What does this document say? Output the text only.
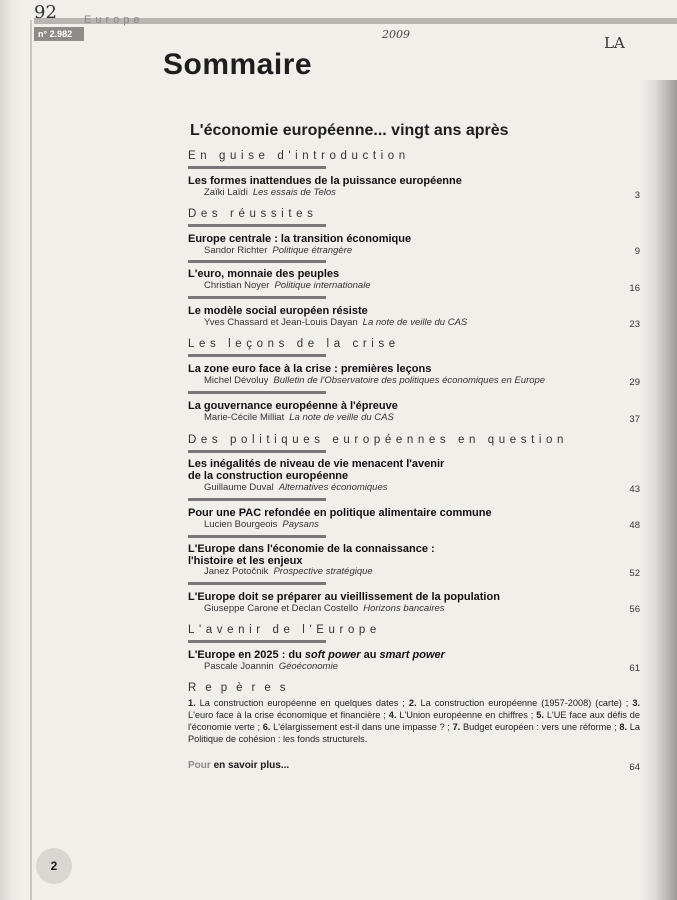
92 Europe
n° 2.982	2009	LA
Sommaire
L'économie européenne... vingt ans après
En guise d'introduction
Les formes inattendues de la puissance européenne
Zaïki Laïdi Les essais de Telos	3
Des réussites
Europe centrale : la transition économique
Sandor Richter Politique étrangère	9
L'euro, monnaie des peuples
Christian Noyer Politique internationale	16
Le modèle social européen résiste
Yves Chassard et Jean-Louis Dayan La note de veille du CAS	23
Les leçons de la crise
La zone euro face à la crise : premières leçons
Michel Dévoluy Bulletin de l'Observatoire des politiques économiques en Europe	29
La gouvernance européenne à l'épreuve
Marie-Cécile Milliat La note de veille du CAS	37
Des politiques européennes en question
Les inégalités de niveau de vie menacent l'avenir
de la construction européenne
Guillaume Duval Alternatives économiques	43
Pour une PAC refondée en politique alimentaire commune
Lucien Bourgeois Paysans	48
L'Europe dans l'économie de la connaissance :
l'histoire et les enjeux
Janez Potočnik Prospective stratégique	52
L'Europe doit se préparer au vieillissement de la population
Giuseppe Carone et Declan Costello Horizons bancaires	56
L'avenir de l'Europe
L'Europe en 2025 : du soft power au smart power
Pascale Joannin Géoéconomie	61
Repères
1. La construction européenne en quelques dates ; 2. La construction européenne (1957-2008) (carte) ; 3. L'euro face à la crise économique et financière ; 4. L'Union européenne en chiffres ; 5. L'UE face aux défis de l'économie verte ; 6. L'élargissement est-il dans une impasse ? ; 7. Budget européen : vers une réforme ; 8. La Politique de cohésion : les fonds structurels.
Pour en savoir plus...	64
2
